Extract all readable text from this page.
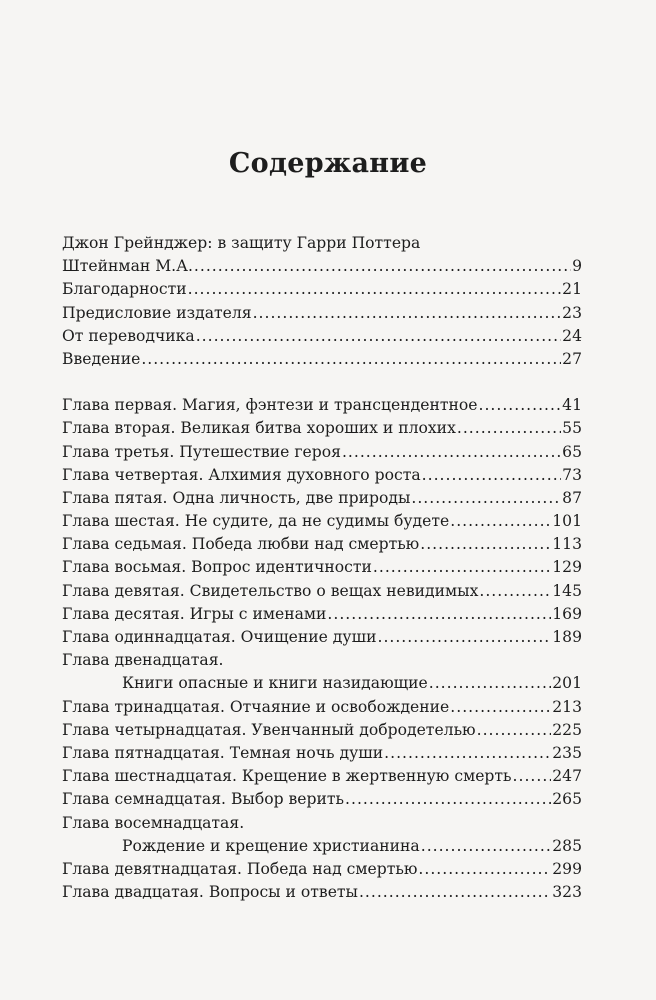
Содержание
Джон Грейнджер: в защиту Гарри Поттера
Штейнман М.А. .....	9
Благодарности .....	21
Предисловие издателя .....	23
От переводчика .....	24
Введение .....	27
Глава первая. Магия, фэнтези и трансцендентное .....	41
Глава вторая. Великая битва хороших и плохих .....	55
Глава третья. Путешествие героя .....	65
Глава четвертая. Алхимия духовного роста .....	73
Глава пятая. Одна личность, две природы .....	87
Глава шестая. Не судите, да не судимы будете .....	101
Глава седьмая. Победа любви над смертью .....	113
Глава восьмая. Вопрос идентичности .....	129
Глава девятая. Свидетельство о вещах невидимых .....	145
Глава десятая. Игры с именами .....	169
Глава одиннадцатая. Очищение души .....	189
Глава двенадцатая.
Книги опасные и книги назидающие .....	201
Глава тринадцатая. Отчаяние и освобождение .....	213
Глава четырнадцатая. Увенчанный добродетелью .....	225
Глава пятнадцатая. Темная ночь души .....	235
Глава шестнадцатая. Крещение в жертвенную смерть .....	247
Глава семнадцатая. Выбор верить .....	265
Глава восемнадцатая.
Рождение и крещение христианина .....	285
Глава девятнадцатая. Победа над смертью .....	299
Глава двадцатая. Вопросы и ответы .....	323
